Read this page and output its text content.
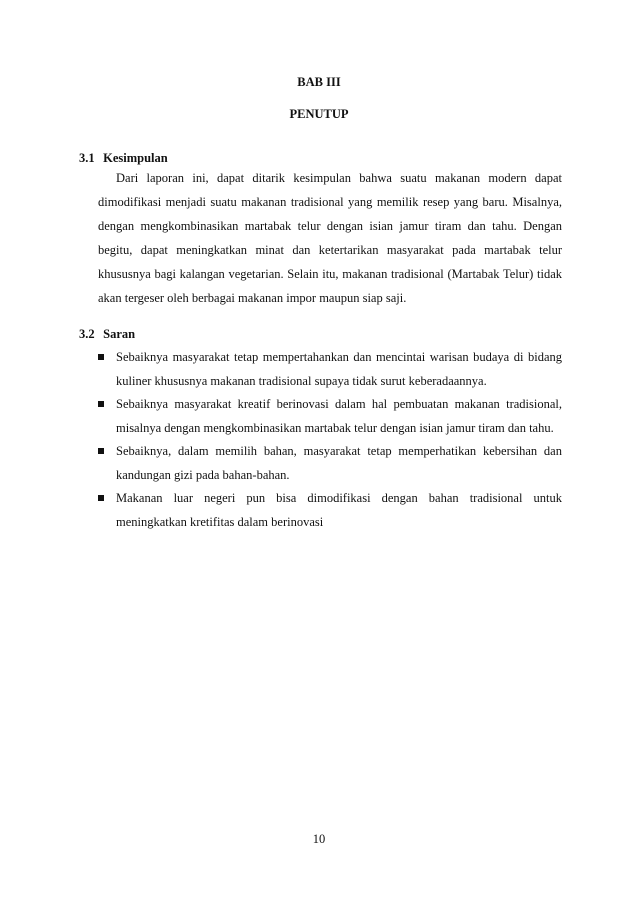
BAB III
PENUTUP
3.1 Kesimpulan

Dari laporan ini, dapat ditarik kesimpulan bahwa suatu makanan modern dapat dimodifikasi menjadi suatu makanan tradisional yang memilik resep yang baru. Misalnya, dengan mengkombinasikan martabak telur dengan isian jamur tiram dan tahu. Dengan begitu, dapat meningkatkan minat dan ketertarikan masyarakat pada martabak telur khususnya bagi kalangan vegetarian. Selain itu, makanan tradisional (Martabak Telur) tidak akan tergeser oleh berbagai makanan impor maupun siap saji.

3.2 Saran
Sebaiknya masyarakat tetap mempertahankan dan mencintai warisan budaya di bidang kuliner khususnya makanan tradisional supaya tidak surut keberadaannya.
Sebaiknya masyarakat kreatif berinovasi dalam hal pembuatan makanan tradisional, misalnya dengan mengkombinasikan martabak telur dengan isian jamur tiram dan tahu.
Sebaiknya, dalam memilih bahan, masyarakat tetap memperhatikan kebersihan dan kandungan gizi pada bahan-bahan.
Makanan luar negeri pun bisa dimodifikasi dengan bahan tradisional untuk meningkatkan kretifitas dalam berinovasi
10
